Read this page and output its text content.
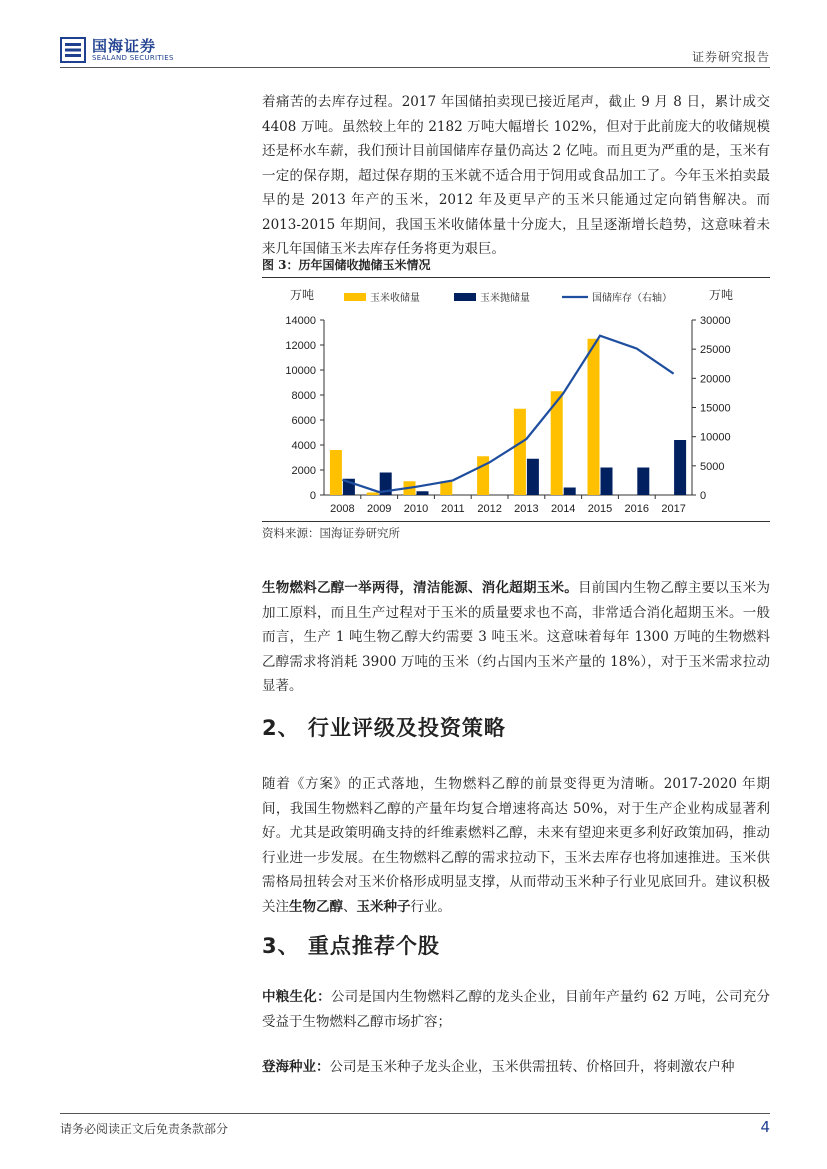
国海证券
SEALAND SECURITIES	证券研究报告
着痛苦的去库存过程。2017 年国储拍卖现已接近尾声，截止 9 月 8 日，累计成交 4408 万吨。虽然较上年的 2182 万吨大幅增长 102%，但对于此前庞大的收储规模还是杯水车薪，我们预计目前国储库存量仍高达 2 亿吨。而且更为严重的是，玉米有一定的保存期，超过保存期的玉米就不适合用于饲用或食品加工了。今年玉米拍卖最早的是 2013 年产的玉米，2012 年及更早产的玉米只能通过定向销售解决。而 2013-2015 年期间，我国玉米收储体量十分庞大，且呈逐渐增长趋势，这意味着未来几年国储玉米去库存任务将更为艰巨。
图 3：历年国储收抛储玉米情况
0
2000
4000
6000
8000
10000
12000
14000
0
5000
10000
15000
20000
25000
30000
万吨	万吨
2008 2009 2010 2011 2012 2013 2014 2015 2016 2017
玉米收储量	玉米抛储量	国储库存（右轴）
资料来源：国海证券研究所
生物燃料乙醇一举两得，清洁能源、消化超期玉米。目前国内生物乙醇主要以玉米为加工原料，而且生产过程对于玉米的质量要求也不高，非常适合消化超期玉米。一般而言，生产 1 吨生物乙醇大约需要 3 吨玉米。这意味着每年 1300 万吨的生物燃料乙醇需求将消耗 3900 万吨的玉米（约占国内玉米产量的 18%），对于玉米需求拉动显著。
2、 行业评级及投资策略
随着《方案》的正式落地，生物燃料乙醇的前景变得更为清晰。2017-2020 年期间，我国生物燃料乙醇的产量年均复合增速将高达 50%，对于生产企业构成显著利好。尤其是政策明确支持的纤维素燃料乙醇，未来有望迎来更多利好政策加码，推动行业进一步发展。在生物燃料乙醇的需求拉动下，玉米去库存也将加速推进。玉米供需格局扭转会对玉米价格形成明显支撑，从而带动玉米种子行业见底回升。建议积极关注生物乙醇、玉米种子行业。
3、 重点推荐个股
中粮生化：公司是国内生物燃料乙醇的龙头企业，目前年产量约 62 万吨，公司充分受益于生物燃料乙醇市场扩容；
登海种业：公司是玉米种子龙头企业，玉米供需扭转、价格回升，将刺激农户种
请务必阅读正文后免责条款部分	4
